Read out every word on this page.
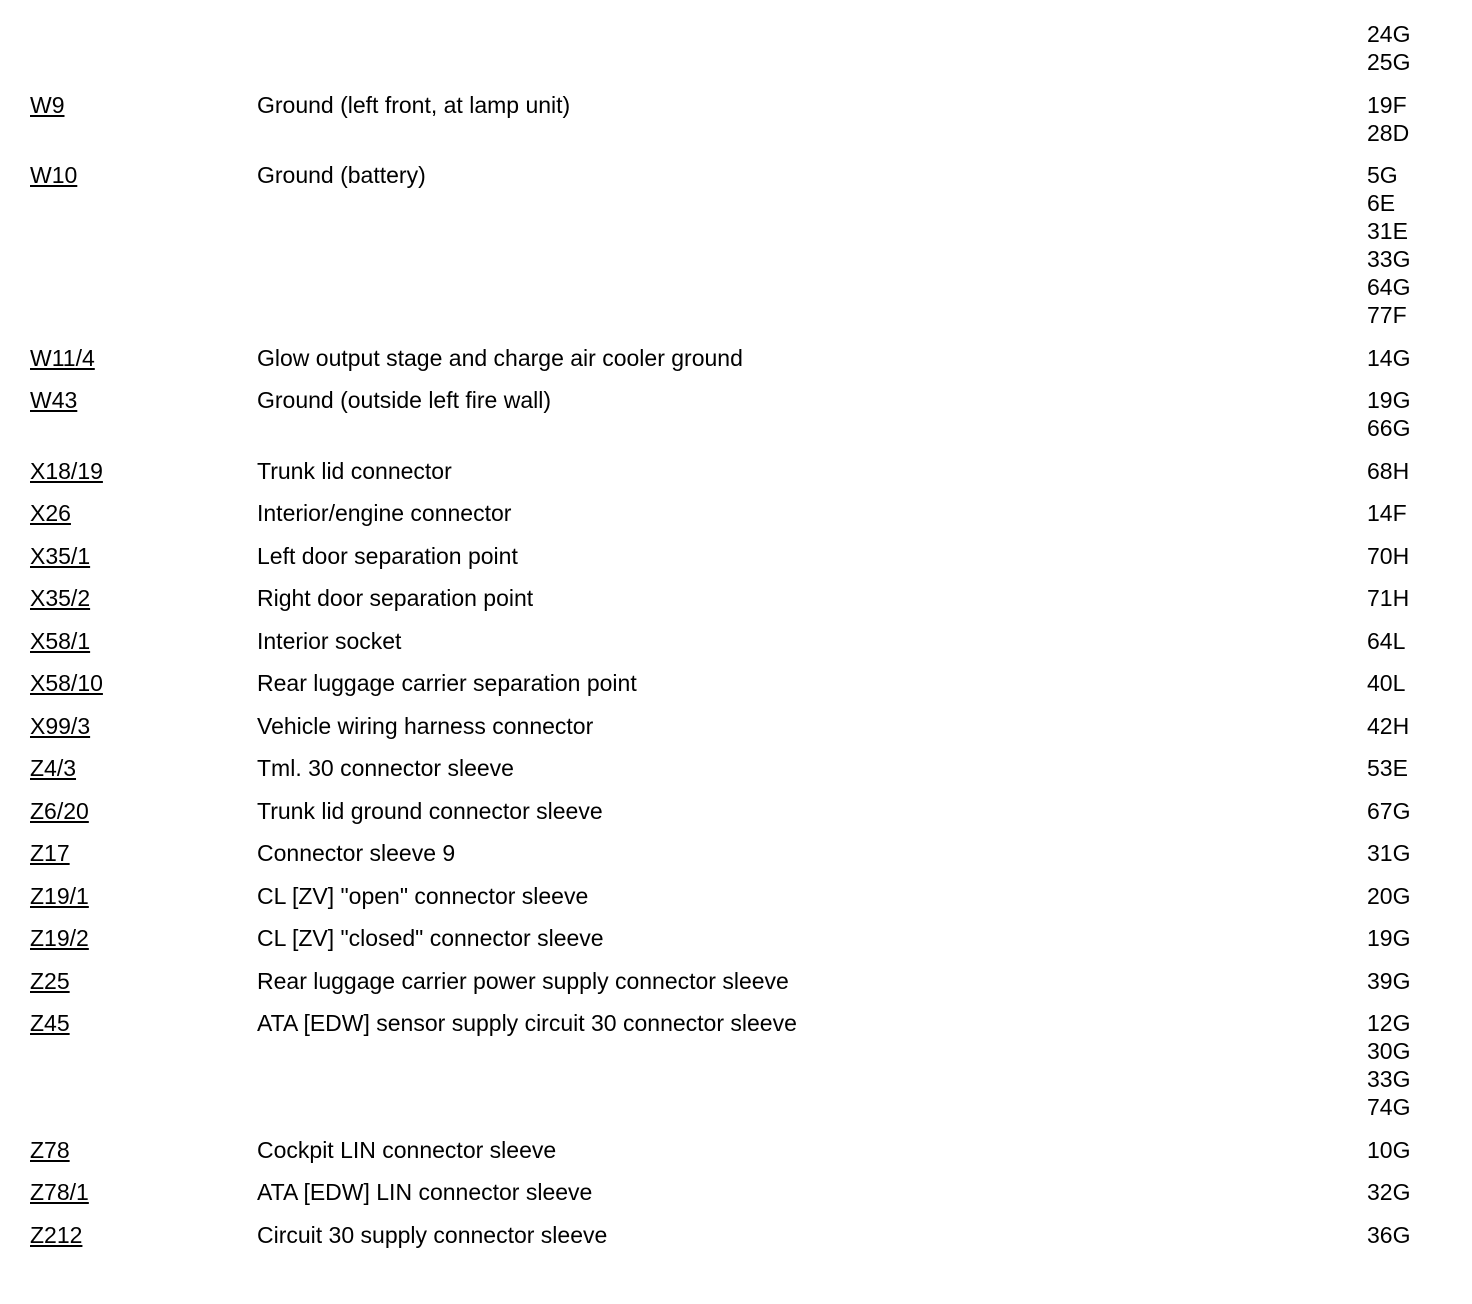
24G
25G
W9	Ground (left front, at lamp unit)	19F
28D
W10	Ground (battery)	5G
6E
31E
33G
64G
77F
W11/4	Glow output stage and charge air cooler ground	14G
W43	Ground (outside left fire wall)	19G
66G
X18/19	Trunk lid connector	68H
X26	Interior/engine connector	14F
X35/1	Left door separation point	70H
X35/2	Right door separation point	71H
X58/1	Interior socket	64L
X58/10	Rear luggage carrier separation point	40L
X99/3	Vehicle wiring harness connector	42H
Z4/3	Tml. 30 connector sleeve	53E
Z6/20	Trunk lid ground connector sleeve	67G
Z17	Connector sleeve 9	31G
Z19/1	CL [ZV] "open" connector sleeve	20G
Z19/2	CL [ZV] "closed" connector sleeve	19G
Z25	Rear luggage carrier power supply connector sleeve	39G
Z45	ATA [EDW] sensor supply circuit 30 connector sleeve	12G
30G
33G
74G
Z78	Cockpit LIN connector sleeve	10G
Z78/1	ATA [EDW] LIN connector sleeve	32G
Z212	Circuit 30 supply connector sleeve	36G
